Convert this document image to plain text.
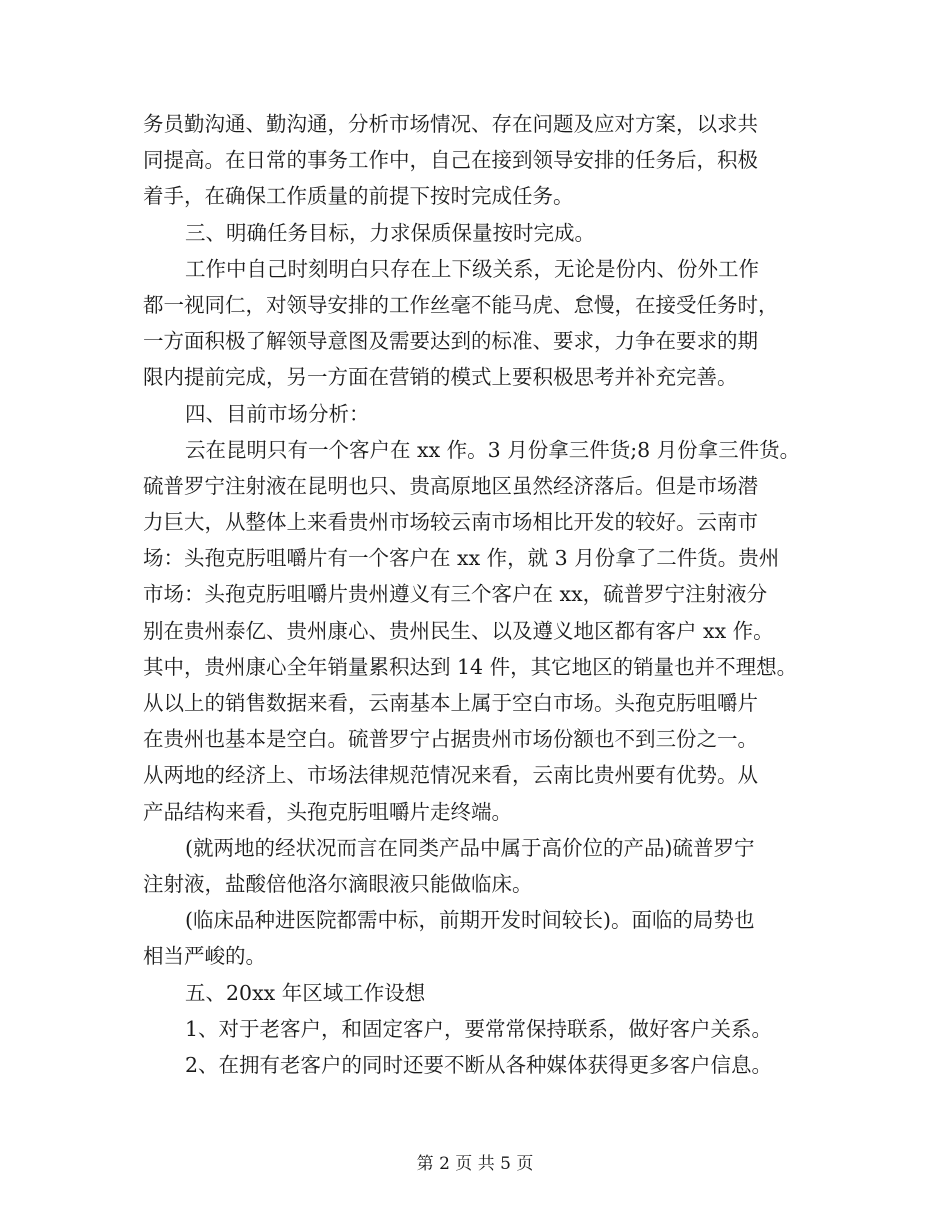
务员勤沟通、勤沟通，分析市场情况、存在问题及应对方案，以求共
同提高。在日常的事务工作中，自己在接到领导安排的任务后，积极
着手，在确保工作质量的前提下按时完成任务。
三、明确任务目标，力求保质保量按时完成。
工作中自己时刻明白只存在上下级关系，无论是份内、份外工作
都一视同仁，对领导安排的工作丝毫不能马虎、怠慢，在接受任务时，
一方面积极了解领导意图及需要达到的标准、要求，力争在要求的期
限内提前完成，另一方面在营销的模式上要积极思考并补充完善。
四、目前市场分析：
云在昆明只有一个客户在 xx 作。3 月份拿三件货;8 月份拿三件货。
硫普罗宁注射液在昆明也只、贵高原地区虽然经济落后。但是市场潜
力巨大，从整体上来看贵州市场较云南市场相比开发的较好。云南市
场：头孢克肟咀嚼片有一个客户在 xx 作，就 3 月份拿了二件货。贵州
市场：头孢克肟咀嚼片贵州遵义有三个客户在 xx，硫普罗宁注射液分
别在贵州泰亿、贵州康心、贵州民生、以及遵义地区都有客户 xx 作。
其中，贵州康心全年销量累积达到 14 件，其它地区的销量也并不理想。
从以上的销售数据来看，云南基本上属于空白市场。头孢克肟咀嚼片
在贵州也基本是空白。硫普罗宁占据贵州市场份额也不到三份之一。
从两地的经济上、市场法律规范情况来看，云南比贵州要有优势。从
产品结构来看，头孢克肟咀嚼片走终端。
(就两地的经状况而言在同类产品中属于高价位的产品)硫普罗宁
注射液，盐酸倍他洛尔滴眼液只能做临床。
(临床品种进医院都需中标，前期开发时间较长)。面临的局势也
相当严峻的。
五、20xx 年区域工作设想
1、对于老客户，和固定客户，要常常保持联系，做好客户关系。
2、在拥有老客户的同时还要不断从各种媒体获得更多客户信息。
第 2 页 共 5 页
